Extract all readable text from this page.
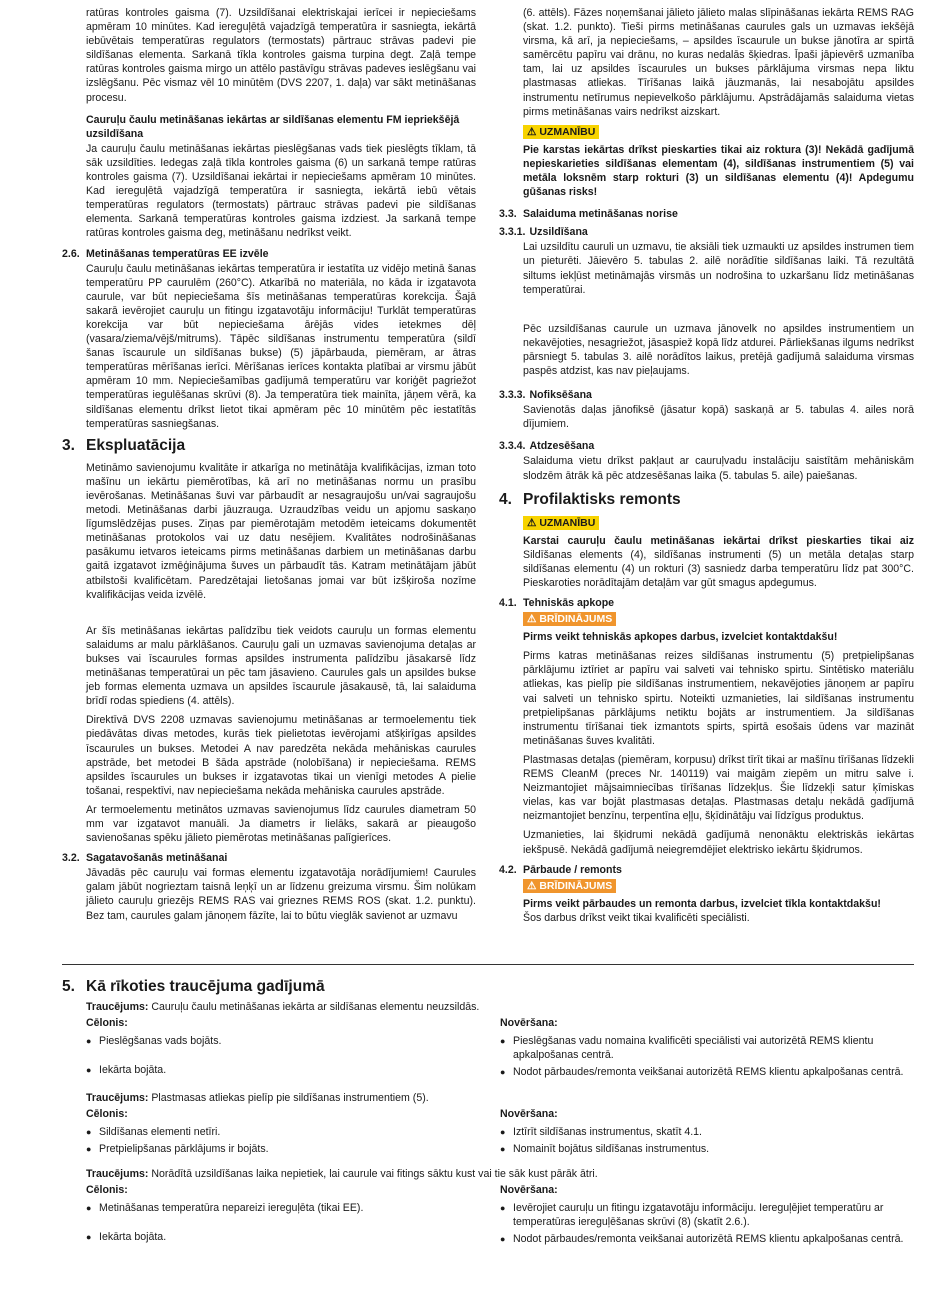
ratūras kontroles gaisma (7). Uzsildīšanai elektriskajai ierīcei ir nepieciešams apmēram 10 minūtes. Kad iereguļētā vajadzīgā temperatūra ir sasniegta, iekārtā iebūvētais temperatūras regulators (termostats) pārtrauc strāvas padevi pie sildīšanas elementa. Sarkanā tīkla kontroles gaisma turpina degt. Zaļā tempe ratūras kontroles gaisma mirgo un attēlo pastāvīgu strāvas padeves ieslēgšanu vai izslēgšanu. Pēc vismaz vēl 10 minūtēm (DVS 2207, 1. daļa) var sākt metināšanas procesu.

Cauruļu čaulu metināšanas iekārtas ar sildīšanas elementu FM iepriekšējā uzsildīšana

Ja cauruļu čaulu metināšanas iekārtas pieslēgšanas vads tiek pieslēgts tīklam, tā sāk uzsildīties. Iedegas zaļā tīkla kontroles gaisma (6) un sarkanā tempe ratūras kontroles gaisma (7). Uzsildīšanai iekārtai ir nepieciešams apmēram 10 minūtes. Kad iereguļētā vajadzīgā temperatūra ir sasniegta, iekārtā iebū vētais temperatūras regulators (termostats) pārtrauc strāvas padevi pie sildīšanas elementa. Sarkanā temperatūras kontroles gaisma izdziest. Ja sarkanā tempe ratūras kontroles gaisma deg, metināšanu nedrīkst veikt.

2.6. Metināšanas temperatūras EE izvēle

Cauruļu čaulu metināšanas iekārtas temperatūra ir iestatīta uz vidējo metinā šanas temperatūru PP caurulēm (260°C). Atkarībā no materiāla, no kāda ir izgatavota caurule, var būt nepieciešama šīs metināšanas temperatūras korekcija. Šajā sakarā ievērojiet cauruļu un fitingu izgatavotāju informāciju! Turklāt temperatūras korekcija var būt nepieciešama ārējās vides ietekmes dēļ (vasara/ziema/vējš/mitrums). Tāpēc sildīšanas instrumentu temperatūra (sildī šanas īscaurule un sildīšanas bukse) (5) jāpārbauda, piemēram, ar ātras temperatūras mērīšanas ierīci. Mērīšanas ierīces kontakta platībai ar virsmu jābūt apmēram 10 mm. Nepieciešamības gadījumā temperatūru var koriģēt pagriežot temperatūras iegulēšanas skrūvi (8). Ja temperatūra tiek mainīta, jāņem vērā, ka sildīšanas elementu drīkst lietot tikai apmēram pēc 10 minūtēm pēc iestatītās temperatūras sasniegšanas.

3. Ekspluatācija

Metināmo savienojumu kvalitāte ir atkarīga no metinātāja kvalifikācijas, izman toto mašīnu un iekārtu piemērotības, kā arī no metināšanas normu un prasību ievērošanas. Metināšanas šuvi var pārbaudīt ar nesagraujošu un/vai sagraujošu metodi. Metināšanas darbi jāuzrauga. Uzraudzības veidu un apjomu saskaņo līgumslēdzējas puses. Ziņas par piemērotajām metodēm ieteicams dokumentēt metināšanas protokolos vai uz datu nesējiem. Kvalitātes nodrošināšanas pasākumu ietvaros ieteicams pirms metināšanas darbiem un metināšanas darbu gaitā izgatavot izmēģinājuma šuves un pārbaudīt tās. Katram metinātājam jābūt atbilstoši kvalificētam. Paredzētajai lietošanas jomai var būt izšķiroša nozīme kvalifikācijas veida izvēlē.

Ar šīs metināšanas iekārtas palīdzību tiek veidots cauruļu un formas elementu salaidums ar malu pārklāšanos. Cauruļu gali un uzmavas savienojuma detaļas ar bukses vai īscaurules formas apsildes instrumenta palīdzību jāsakarsē līdz metināšanas temperatūrai un pēc tam jāsavieno. Caurules gals un apsildes bukse jeb formas elementa uzmava un apsildes īscaurule jāsakausē, tā, lai salaiduma brīdī rodas spiediens (4. attēls).

Direktīvā DVS 2208 uzmavas savienojumu metināšanas ar termoelementu tiek piedāvātas divas metodes, kurās tiek pielietotas ievērojami atšķirīgas apsildes īscaurules un bukses. Metodei A nav paredzēta nekāda mehāniskas caurules apstrāde, bet metodei B šāda apstrāde (nolobīšana) ir nepieciešama. REMS apsildes īscaurules un bukses ir izgatavotas tikai un vienīgi metodes A pielie tošanai, respektīvi, nav nepieciešama nekāda mehāniska caurules apstrāde.

Ar termoelementu metinātos uzmavas savienojumus līdz caurules diametram 50 mm var izgatavot manuāli. Ja diametrs ir lielāks, sakarā ar pieaugošo savienošanas spēku jālieto piemērotas metināšanas palīgierīces.

3.2. Sagatavošanās metināšanai

Jāvadās pēc cauruļu vai formas elementu izgatavotāja norādījumiem! Caurules galam jābūt nogrieztam taisnā leņķī un ar līdzenu greizuma virsmu. Šim nolūkam jālieto cauruļu griezējs REMS RAS vai grieznes REMS ROS (skat. 1.2. punktu). Bez tam, caurules galam jānoņem fāzīte, lai to būtu vieglāk savienot ar uzmavu

(6. attēls). Fāzes noņemšanai jālieto jālieto malas slīpināšanas iekārta REMS RAG (skat. 1.2. punkto). Tieši pirms metināšanas caurules gals un uzmavas iekšējā virsma, kā arī, ja nepieciešams, – apsildes īscaurule un bukse jānotīra ar spirtā samērcētu papīru vai drānu, no kuras nedalās šķiedras. Īpaši jāpievērš uzmanība tam, lai uz apsildes īscaurules un bukses pārklājuma virsmas nepa liktu plastmasas atliekas. Tīrīšanas laikā jāuzmanās, lai nesabojātu apsildes instrumentu netīrumus nepievelkošo pārklājumu. Apstrādājamās salaiduma vietas pirms metināšanas vairs nedrīkst aizskart.

⚠ UZMANĪBU

Pie karstas iekārtas drīkst pieskarties tikai aiz roktura (3)! Nekādā gadījumā nepieskarieties sildīšanas elementam (4), sildīšanas instrumentiem (5) vai metāla loksnēm starp rokturi (3) un sildīšanas elementu (4)! Apdegumu gūšanas risks!

3.3. Salaiduma metināšanas norise
3.3.1. Uzsildīšana

Lai uzsildītu cauruli un uzmavu, tie aksiāli tiek uzmaukti uz apsildes instrumen tiem un pieturēti. Jāievēro 5. tabulas 2. ailē norādītie sildīšanas laiki. Tā rezultātā siltums iekļūst metināmajās virsmās un nodrošina to uzkaršanu līdz metināšanas temperatūrai.

Pēc uzsildīšanas caurule un uzmava jānovelk no apsildes instrumentiem un nekavējoties, nesagriežot, jāsaspiež kopā līdz atdurei. Pārliekšanas ilgums nedrīkst pārsniegt 5. tabulas 3. ailē norādītos laikus, pretējā gadījumā salaiduma virsmas paspēs atdzist, kas nav pieļaujams.

3.3.3. Nofiksēšana

Savienotās daļas jānofiksē (jāsatur kopā) saskaņā ar 5. tabulas 4. ailes norā dījumiem.

3.3.4. Atdzesēšana

Salaiduma vietu drīkst pakļaut ar cauruļvadu instalāciju saistītām mehāniskām slodzēm ātrāk kā pēc atdzesēšanas laika (5. tabulas 5. aile) paiešanas.

4. Profilaktisks remonts
⚠ UZMANĪBU

Karstai cauruļu čaulu metināšanas iekārtai drīkst pieskarties tikai aiz Sildīšanas elements (4), sildīšanas instrumenti (5) un metāla detaļas starp sildīšanas elementu (4) un rokturi (3) sasniedz darba temperatūru līdz pat 300°C. Pieskaroties norādītajām detaļām var gūt smagus apdegumus.

4.1. Tehniskās apkope
⚠ BRĪDINĀJUMS

Pirms veikt tehniskās apkopes darbus, izvelciet kontaktdakšu!

Pirms katras metināšanas reizes sildīšanas instrumentu (5) pretpielipšanas pārklājumu iztīriet ar papīru vai salveti vai tehnisko spirtu. Sintētisko materiālu atliekas, kas pielīp pie sildīšanas instrumentiem, nekavējoties jānoņem ar papīru vai salveti un tehnisko spirtu. Noteikti uzmanieties, lai sildīšanas instrumentu pretpielipšanas pārklājums netiktu bojāts ar instrumentiem. Ja sildīšanas instrumentu tīrīšanai tiek izmantots spirts, spirtā esošais ūdens var mazināt metināšanas šuves kvalitāti.

Plastmasas detaļas (piemēram, korpusu) drīkst tīrīt tikai ar mašīnu tīrīšanas līdzekli REMS CleanM (preces Nr. 140119) vai maigām ziepēm un mitru salve i. Neizmantojiet mājsaimniecības tīrīšanas līdzekļus. Šie līdzekļi satur ķīmiskas vielas, kas var bojāt plastmasas detaļas. Plastmasas detaļu nekādā gadījumā neizmantojiet benzīnu, terpentīna eļļu, šķīdinātāju vai līdzīgus produktus.

Uzmanieties, lai šķidrumi nekādā gadījumā nenonāktu elektriskās iekārtas iekšpusē. Nekādā gadījumā neiegremdējiet elektrisko iekārtu šķidrumos.

4.2. Pārbaude / remonts
⚠ BRĪDINĀJUMS

Pirms veikt pārbaudes un remonta darbus, izvelciet tīkla kontaktdakšu!
Šos darbus drīkst veikt tikai kvalificēti speciālisti.

5. Kā rīkoties traucējuma gadījumā
Traucējums: Cauruļu čaulu metināšanas iekārta ar sildīšanas elementu neuzsildās.
Cēlonis:
● Pieslēgšanas vads bojāts.
● Iekārta bojāta.
Novēršana:
● Pieslēgšanas vadu nomaina kvalificēti speciālisti vai autorizētā REMS klientu apkalpošanas centrā.
● Nodot pārbaudes/remonta veikšanai autorizētā REMS klientu apkalpošanas centrā.
Traucējums: Plastmasas atliekas pielīp pie sildīšanas instrumentiem (5).
Cēlonis:
● Sildīšanas elementi netīri.
● Pretpielipšanas pārklājums ir bojāts.
Novēršana:
● Iztīrīt sildīšanas instrumentus, skatīt 4.1.
● Nomainīt bojātus sildīšanas instrumentus.
Traucējums: Norādītā uzsildīšanas laika nepietiek, lai caurule vai fitings sāktu kust vai tie sāk kust pārāk ātri.
Cēlonis:
● Metināšanas temperatūra nepareizi iereguļēta (tikai EE).
● Iekārta bojāta.
Novēršana:
● Ievērojiet cauruļu un fitingu izgatavotāju informāciju. Iereguļējiet temperatūru ar temperatūras iereguļēšanas skrūvi (8) (skatīt 2.6.).
● Nodot pārbaudes/remonta veikšanai autorizētā REMS klientu apkalpošanas centrā.
